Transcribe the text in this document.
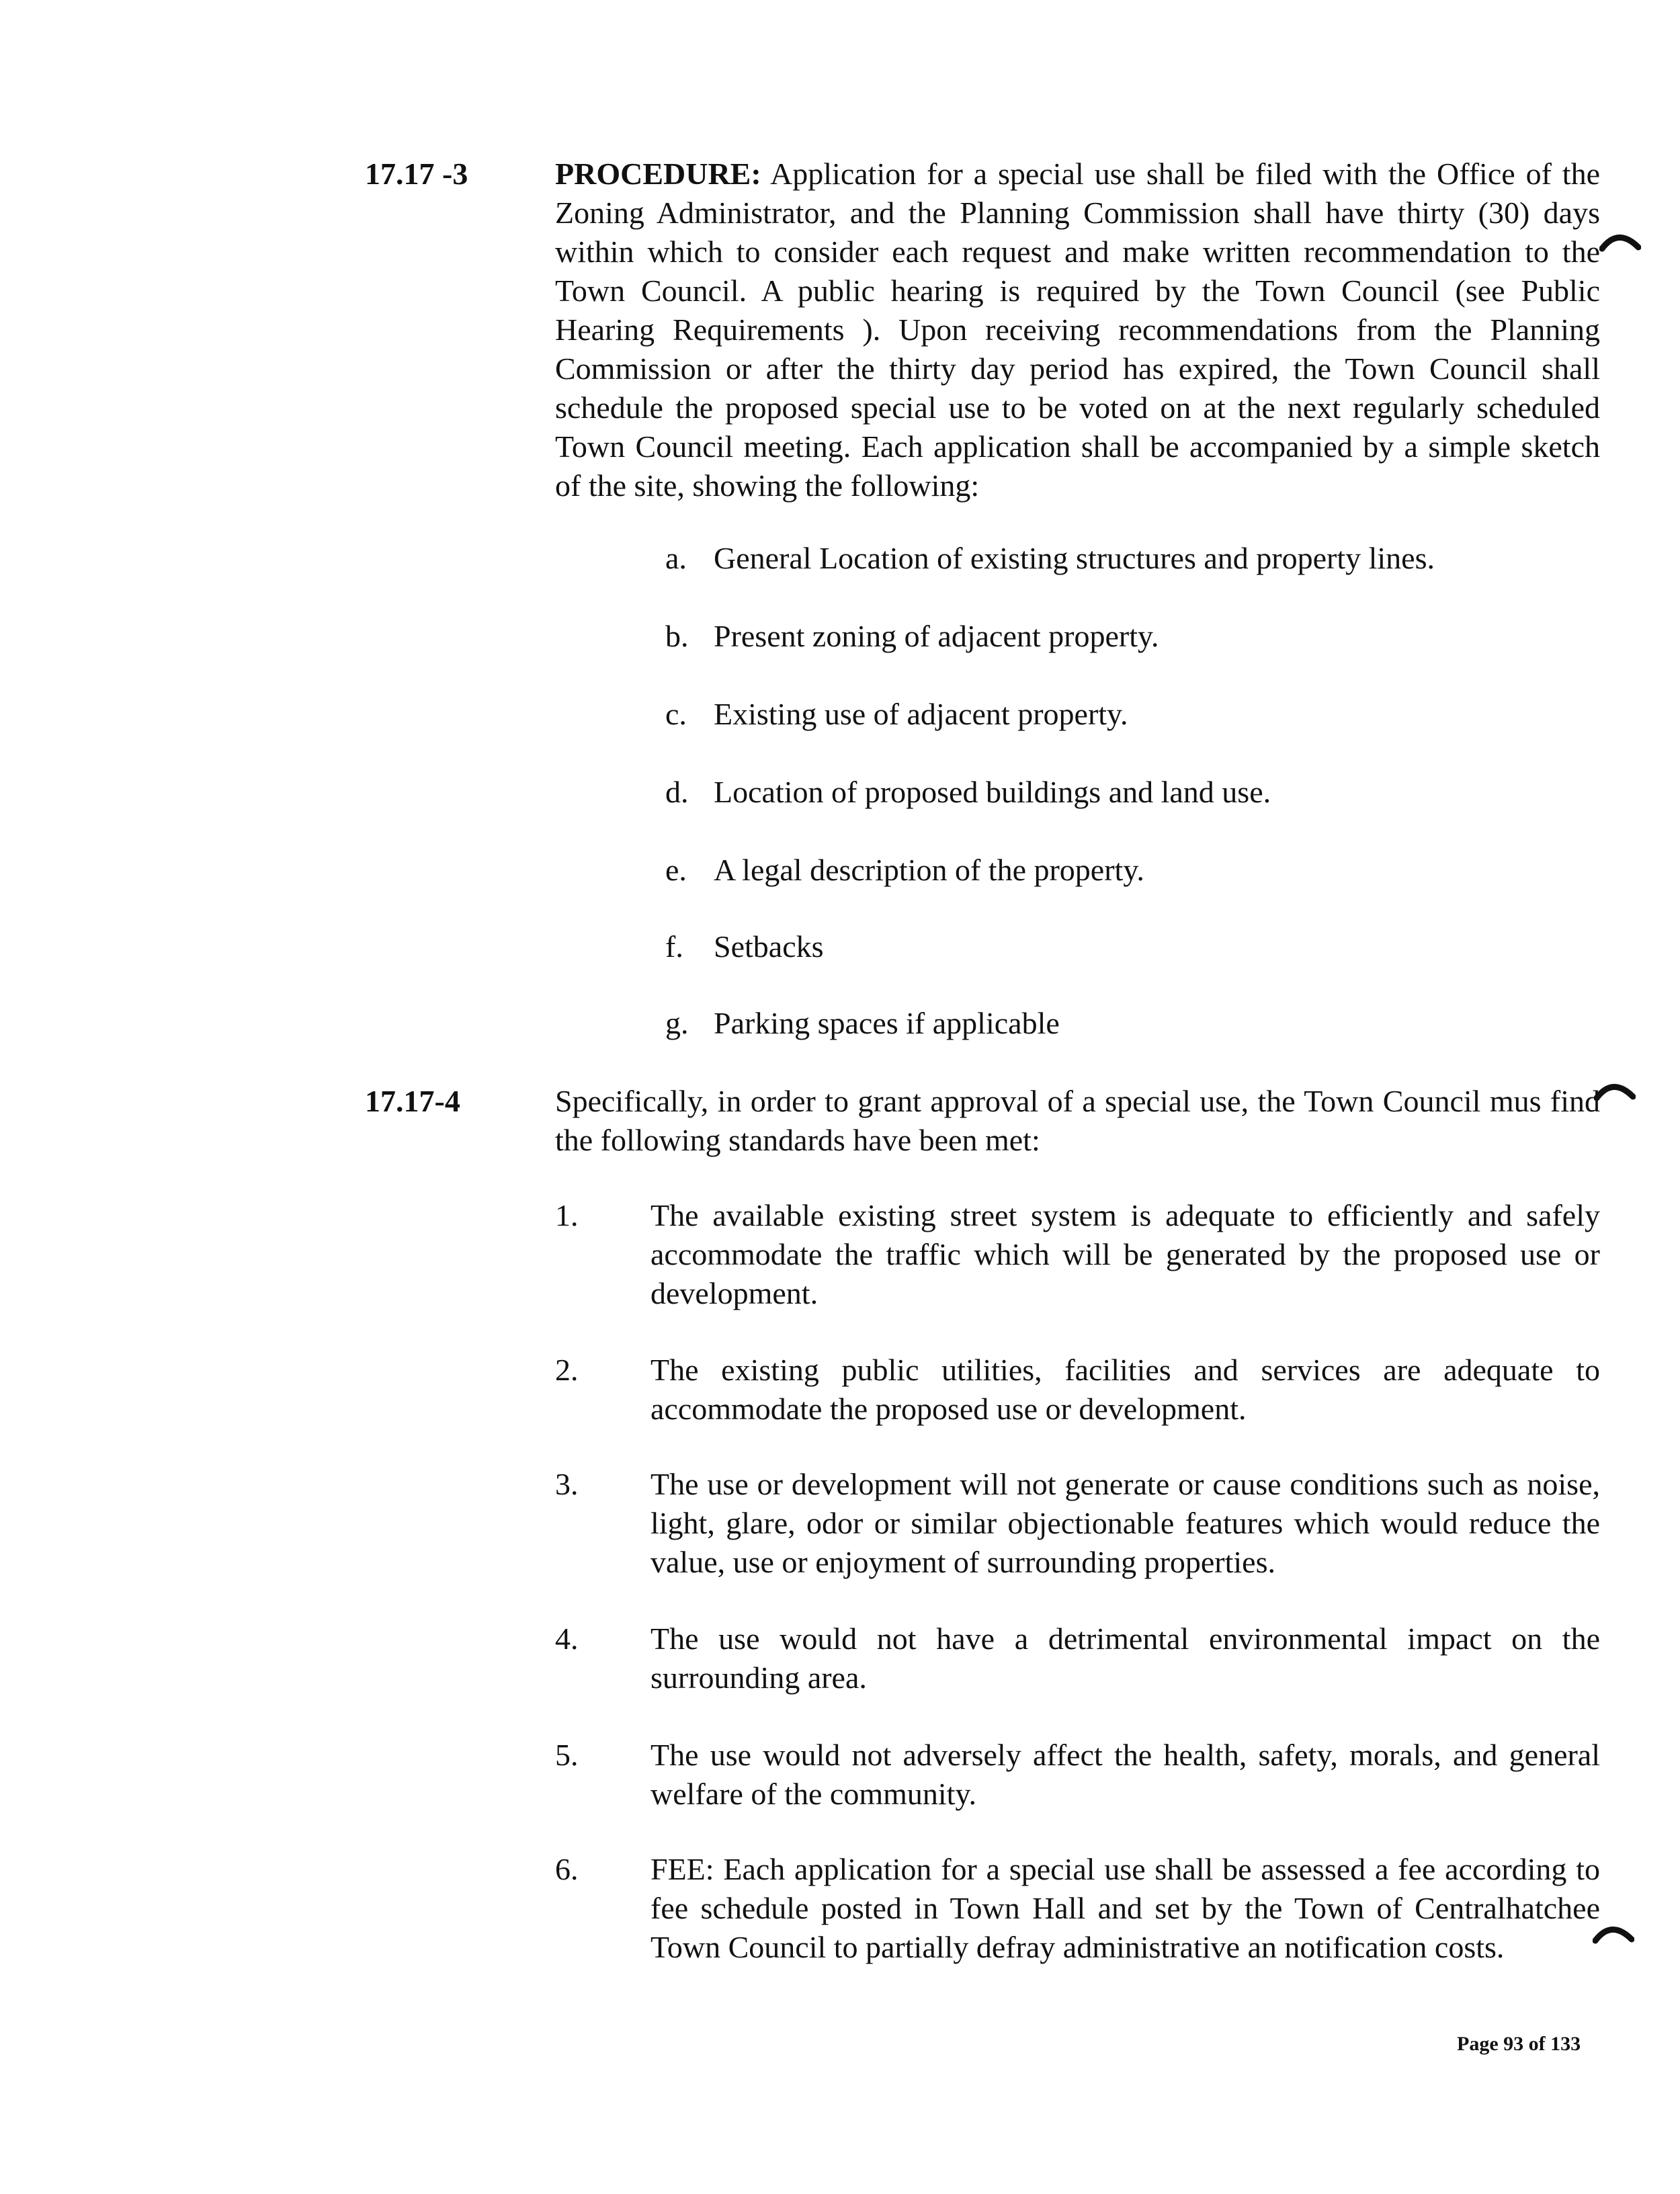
17.17 -3	PROCEDURE: Application for a special use shall be filed with the Office of the Zoning Administrator, and the Planning Commission shall have thirty (30) days within which to consider each request and make written recommendation to the Town Council. A public hearing is required by the Town Council (see Public Hearing Requirements ). Upon receiving recommendations from the Planning Commission or after the thirty day period has expired, the Town Council shall schedule the proposed special use to be voted on at the next regularly scheduled Town Council meeting. Each application shall be accompanied by a simple sketch of the site, showing the following:

a. General Location of existing structures and property lines.
b. Present zoning of adjacent property.
c. Existing use of adjacent property.
d. Location of proposed buildings and land use.
e. A legal description of the property.
f. Setbacks
g. Parking spaces if applicable
17.17-4	Specifically, in order to grant approval of a special use, the Town Council mus find the following standards have been met:

1.	The available existing street system is adequate to efficiently and safely accommodate the traffic which will be generated by the proposed use or development.
2.	The existing public utilities, facilities and services are adequate to accommodate the proposed use or development.
3.	The use or development will not generate or cause conditions such as noise, light, glare, odor or similar objectionable features which would reduce the value, use or enjoyment of surrounding properties.
4.	The use would not have a detrimental environmental impact on the surrounding area.
5.	The use would not adversely affect the health, safety, morals, and general welfare of the community.
6.	FEE: Each application for a special use shall be assessed a fee according to fee schedule posted in Town Hall and set by the Town of Centralhatchee Town Council to partially defray administrative an notification costs.
Page 93 of 133
